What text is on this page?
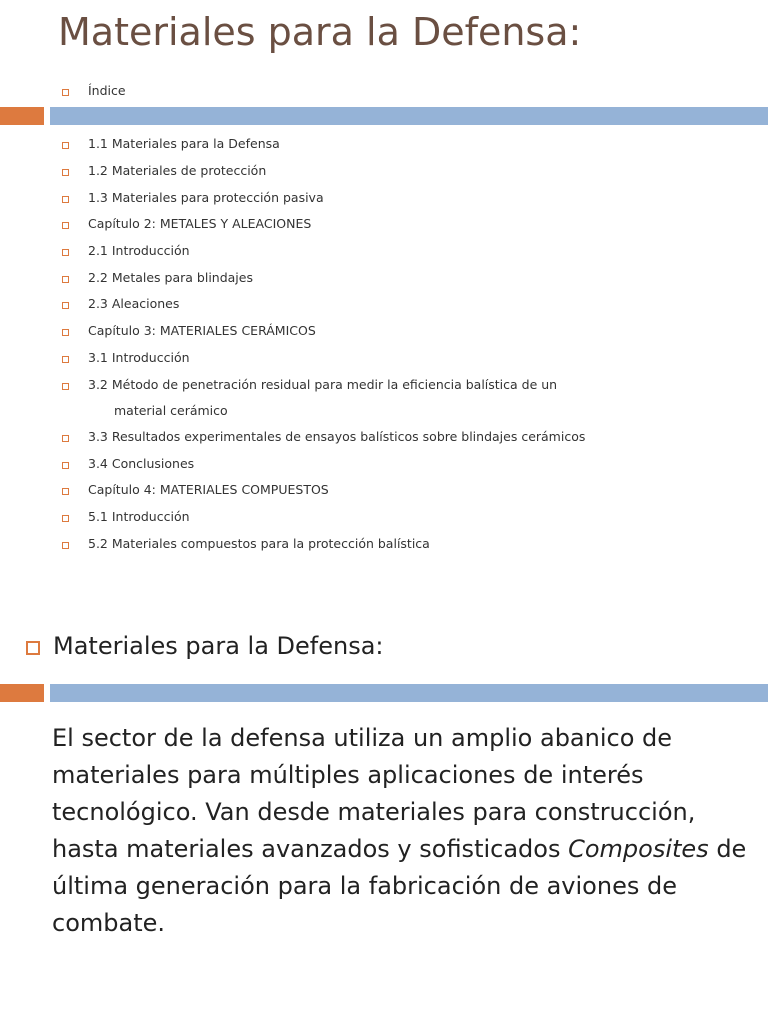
Materiales para la Defensa:
Índice
1.1 Materiales para la Defensa
1.2 Materiales de protección
1.3 Materiales para protección pasiva
Capítulo 2: METALES Y ALEACIONES
2.1 Introducción
2.2 Metales para blindajes
2.3 Aleaciones
Capítulo 3: MATERIALES CERÁMICOS
3.1 Introducción
3.2 Método de penetración residual para medir la eficiencia balística de un
material cerámico
3.3 Resultados experimentales de ensayos balísticos sobre blindajes cerámicos
3.4 Conclusiones
Capítulo 4: MATERIALES COMPUESTOS
5.1 Introducción
5.2 Materiales compuestos para la protección balística
Materiales para la Defensa:
El sector de la defensa utiliza un amplio abanico de materiales para múltiples aplicaciones de interés tecnológico. Van desde materiales para construcción, hasta materiales avanzados y sofisticados Composites de última generación para la fabricación de aviones de combate.
